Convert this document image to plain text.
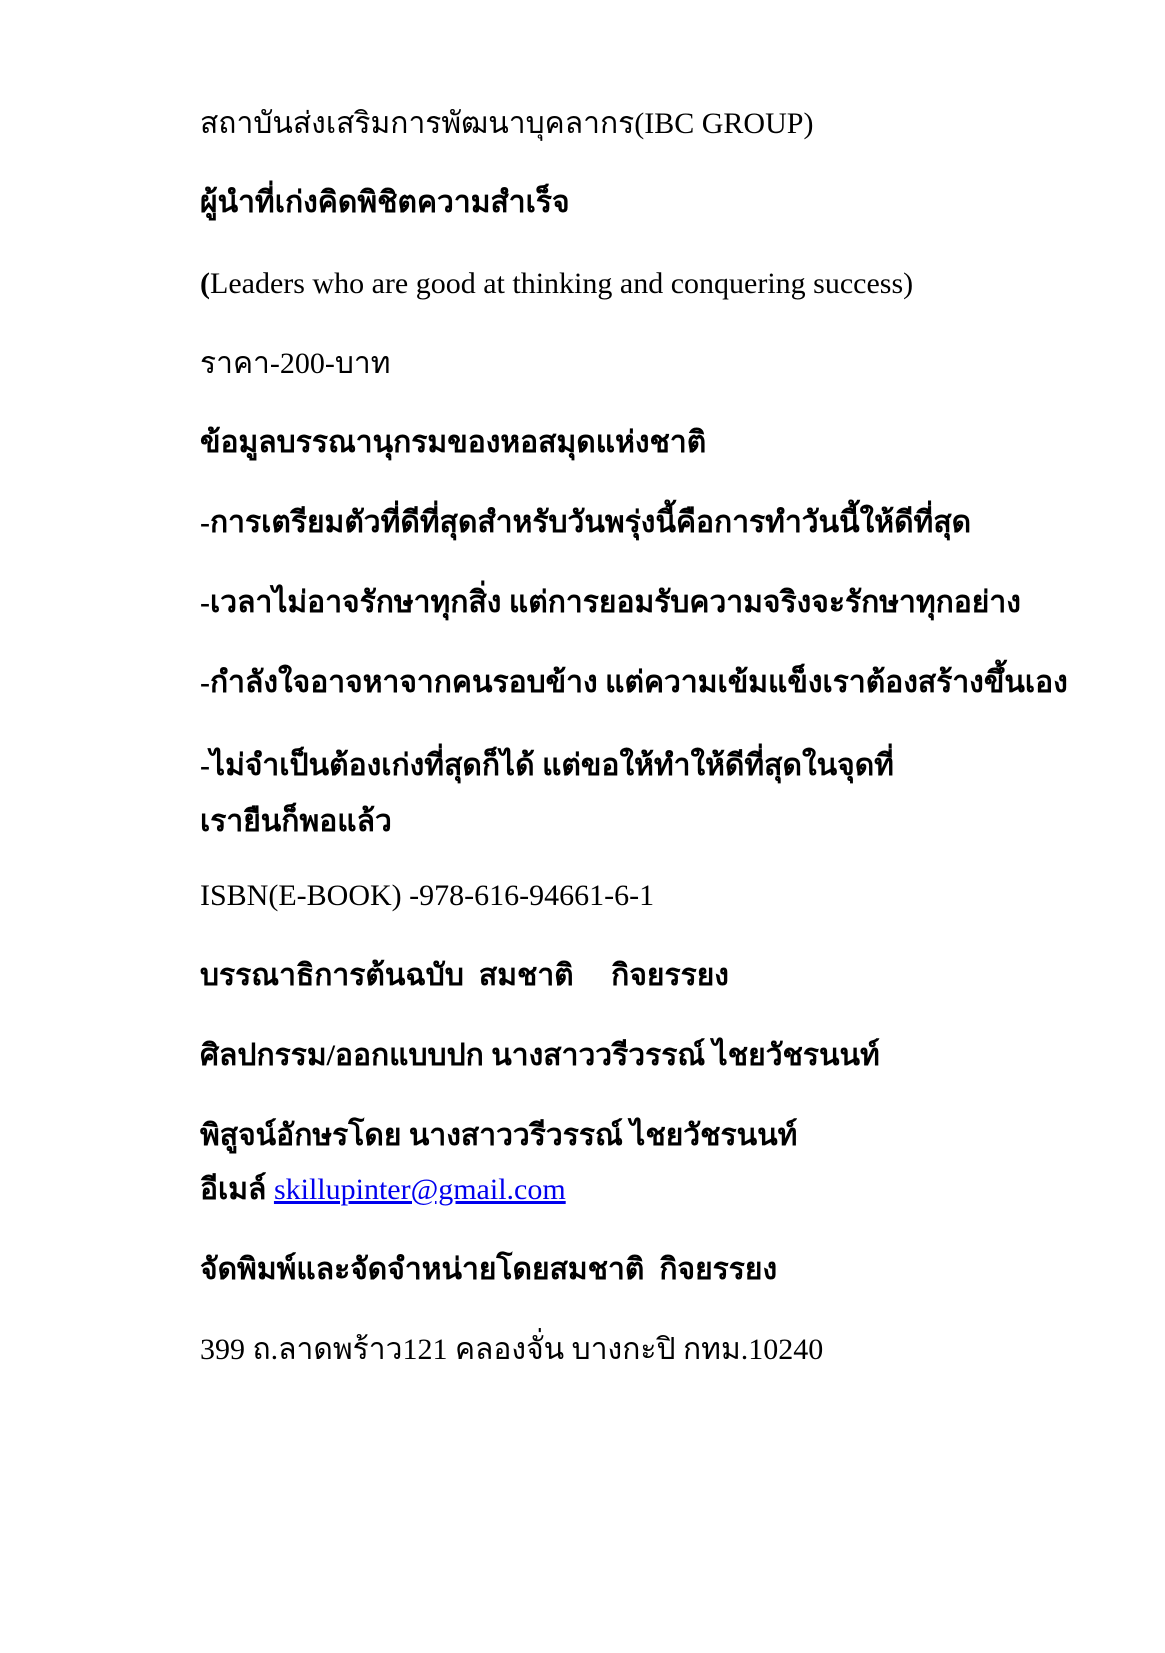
สถาบันส่งเสริมการพัฒนาบุคลากร(IBC GROUP)

ผู้นำที่เก่งคิดพิชิตความสำเร็จ

(Leaders who are good at thinking and conquering success)

ราคา-200-บาท

ข้อมูลบรรณานุกรมของหอสมุดแห่งชาติ

-การเตรียมตัวที่ดีที่สุดสำหรับวันพรุ่งนี้คือการทำวันนี้ให้ดีที่สุด

-เวลาไม่อาจรักษาทุกสิ่ง แต่การยอมรับความจริงจะรักษาทุกอย่าง

-กำลังใจอาจหาจากคนรอบข้าง แต่ความเข้มแข็งเราต้องสร้างขึ้นเอง

-ไม่จำเป็นต้องเก่งที่สุดก็ได้ แต่ขอให้ทำให้ดีที่สุดในจุดที่เรายืนก็พอแล้ว

ISBN(E-BOOK) -978-616-94661-6-1

บรรณาธิการต้นฉบับ  สมชาติ     กิจยรรยง

ศิลปกรรม/ออกแบบปก นางสาววรีวรรณ์ ไชยวัชรนนท์

พิสูจน์อักษรโดย นางสาววรีวรรณ์ ไชยวัชรนนท์

อีเมล์ skillupinter@gmail.com

จัดพิมพ์และจัดจำหน่ายโดยสมชาติ  กิจยรรยง

399 ถ.ลาดพร้าว121 คลองจั่น บางกะปิ กทม.10240
